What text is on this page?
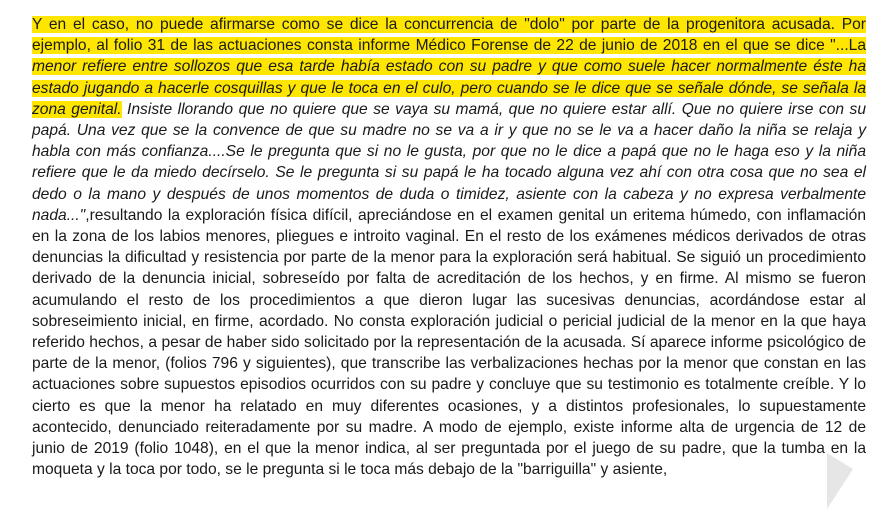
Y en el caso, no puede afirmarse como se dice la concurrencia de "dolo" por parte de la progenitora acusada. Por ejemplo, al folio 31 de las actuaciones consta informe Médico Forense de 22 de junio de 2018 en el que se dice "...La menor refiere entre sollozos que esa tarde había estado con su padre y que como suele hacer normalmente éste ha estado jugando a hacerle cosquillas y que le toca en el culo, pero cuando se le dice que se señale dónde, se señala la zona genital. Insiste llorando que no quiere que se vaya su mamá, que no quiere estar allí. Que no quiere irse con su papá. Una vez que se la convence de que su madre no se va a ir y que no se le va a hacer daño la niña se relaja y habla con más confianza....Se le pregunta que si no le gusta, por que no le dice a papá que no le haga eso y la niña refiere que le da miedo decírselo. Se le pregunta si su papá le ha tocado alguna vez ahí con otra cosa que no sea el dedo o la mano y después de unos momentos de duda o timidez, asiente con la cabeza y no expresa verbalmente nada...",resultando la exploración física difícil, apreciándose en el examen genital un eritema húmedo, con inflamación en la zona de los labios menores, pliegues e introito vaginal. En el resto de los exámenes médicos derivados de otras denuncias la dificultad y resistencia por parte de la menor para la exploración será habitual. Se siguió un procedimiento derivado de la denuncia inicial, sobreseído por falta de acreditación de los hechos, y en firme. Al mismo se fueron acumulando el resto de los procedimientos a que dieron lugar las sucesivas denuncias, acordándose estar al sobreseimiento inicial, en firme, acordado. No consta exploración judicial o pericial judicial de la menor en la que haya referido hechos, a pesar de haber sido solicitado por la representación de la acusada. Sí aparece informe psicológico de parte de la menor, (folios 796 y siguientes), que transcribe las verbalizaciones hechas por la menor que constan en las actuaciones sobre supuestos episodios ocurridos con su padre y concluye que su testimonio es totalmente creíble. Y lo cierto es que la menor ha relatado en muy diferentes ocasiones, y a distintos profesionales, lo supuestamente acontecido, denunciado reiteradamente por su madre. A modo de ejemplo, existe informe alta de urgencia de 12 de junio de 2019 (folio 1048), en el que la menor indica, al ser preguntada por el juego de su padre, que la tumba en la moqueta y la toca por todo, se le pregunta si le toca más debajo de la "barriguilla" y asiente,
